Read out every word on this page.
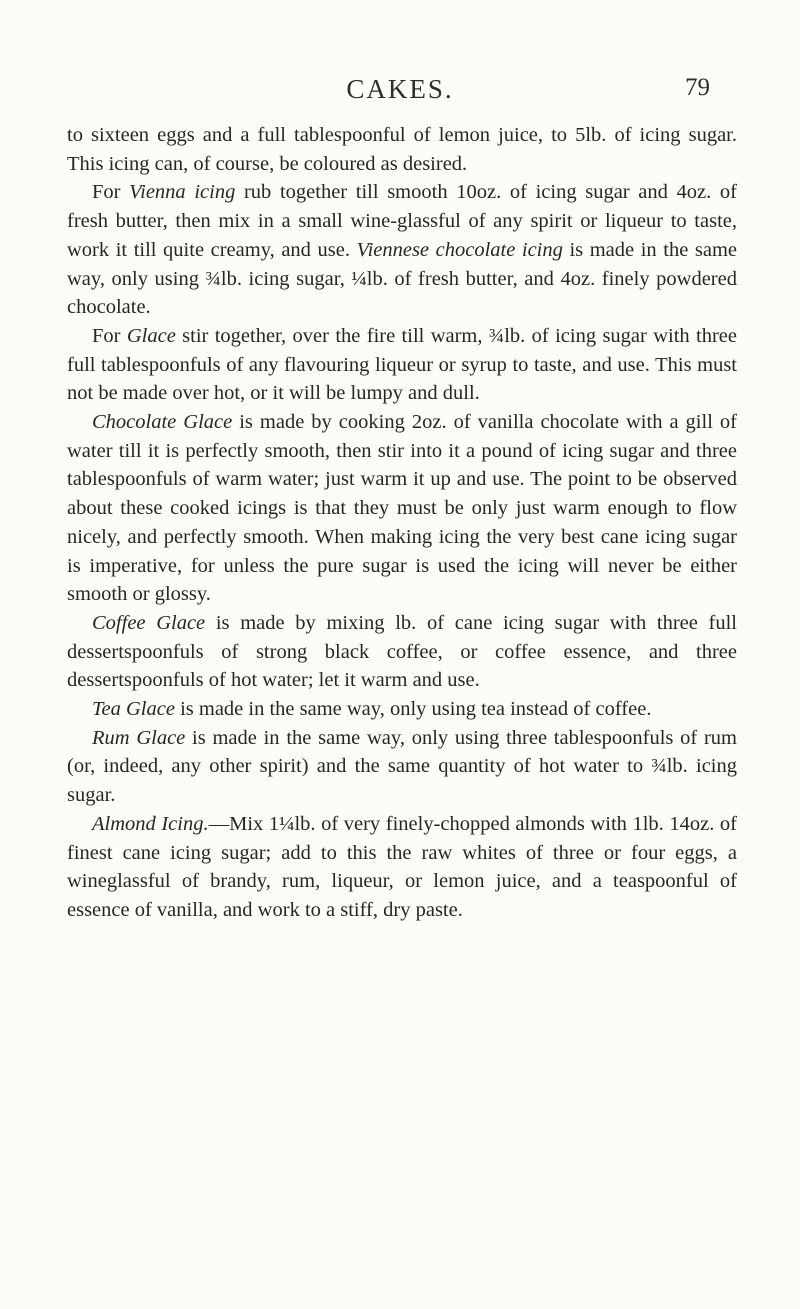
CAKES.	79

to sixteen eggs and a full tablespoonful of lemon juice, to 5lb. of icing sugar. This icing can, of course, be coloured as desired.

For Vienna icing rub together till smooth 10oz. of icing sugar and 4oz. of fresh butter, then mix in a small wine-glassful of any spirit or liqueur to taste, work it till quite creamy, and use. Viennese chocolate icing is made in the same way, only using ¾lb. icing sugar, ¼lb. of fresh butter, and 4oz. finely powdered chocolate.

For Glace stir together, over the fire till warm, ¾lb. of icing sugar with three full tablespoonfuls of any flavouring liqueur or syrup to taste, and use. This must not be made over hot, or it will be lumpy and dull.

Chocolate Glace is made by cooking 2oz. of vanilla chocolate with a gill of water till it is perfectly smooth, then stir into it a pound of icing sugar and three tablespoonfuls of warm water; just warm it up and use. The point to be observed about these cooked icings is that they must be only just warm enough to flow nicely, and perfectly smooth. When making icing the very best cane icing sugar is imperative, for unless the pure sugar is used the icing will never be either smooth or glossy.

Coffee Glace is made by mixing lb. of cane icing sugar with three full dessertspoonfuls of strong black coffee, or coffee essence, and three dessertspoonfuls of hot water; let it warm and use.

Tea Glace is made in the same way, only using tea instead of coffee.

Rum Glace is made in the same way, only using three tablespoonfuls of rum (or, indeed, any other spirit) and the same quantity of hot water to ¾lb. icing sugar.

Almond Icing.—Mix 1¼lb. of very finely-chopped almonds with 1lb. 14oz. of finest cane icing sugar; add to this the raw whites of three or four eggs, a wineglassful of brandy, rum, liqueur, or lemon juice, and a teaspoonful of essence of vanilla, and work to a stiff, dry paste.
